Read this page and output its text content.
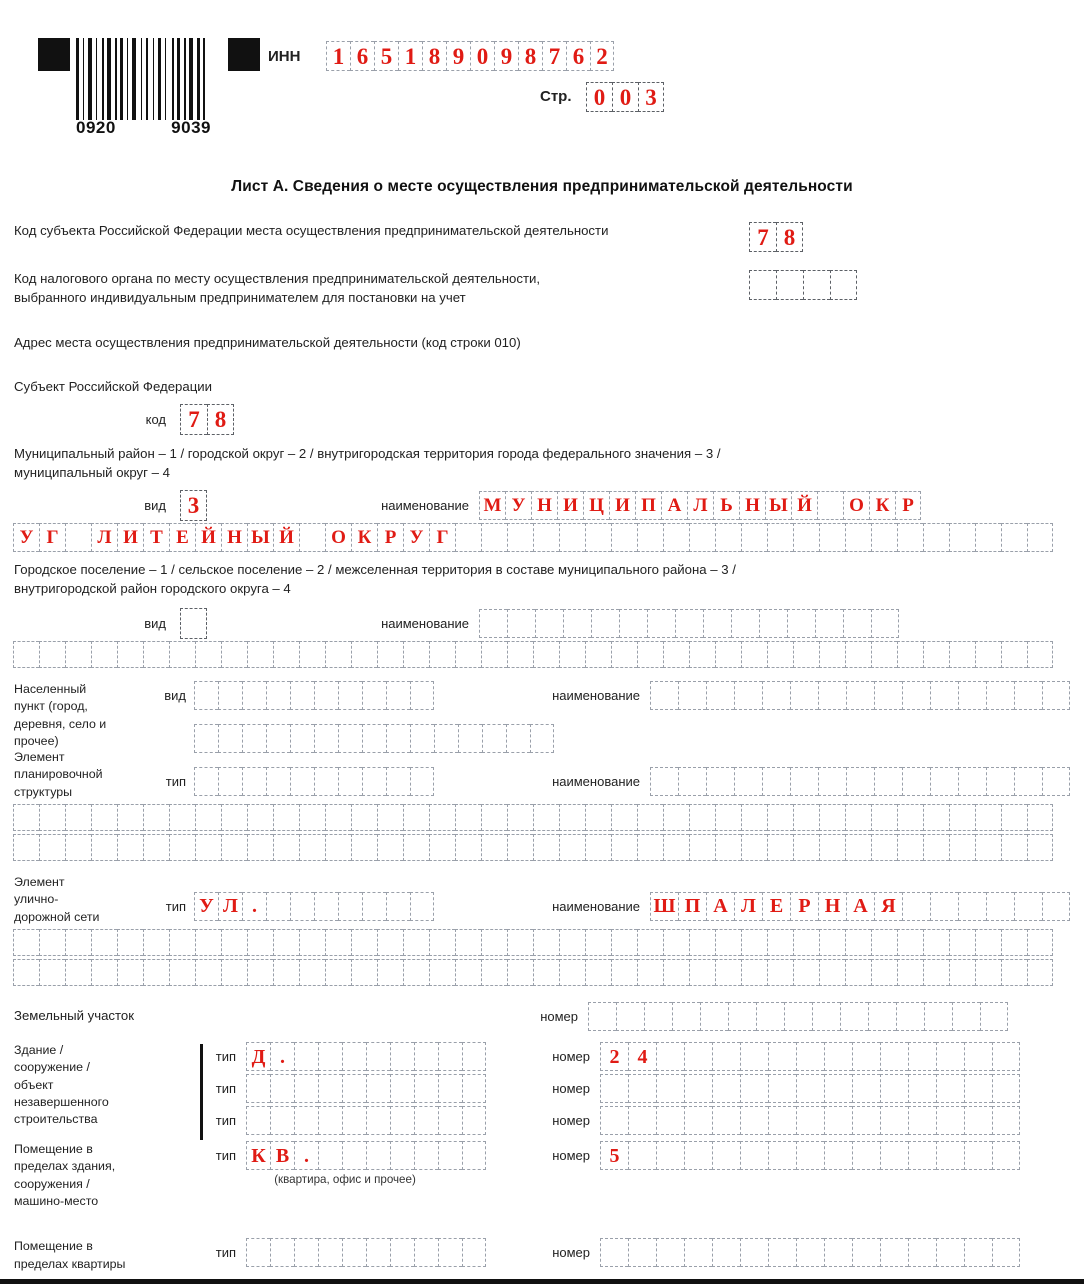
0920	9039
ИНН 1 6 5 1 8 9 0 9 8 7 6 2
Стр. 0 0 3
Лист А. Сведения о месте осуществления предпринимательской деятельности
Код субъекта Российской Федерации места осуществления предпринимательской деятельности	7 8
Код налогового органа по месту осуществления предпринимательской деятельности,
выбранного индивидуальным предпринимателем для постановки на учет
Адрес места осуществления предпринимательской деятельности (код строки 010)
Субъект Российской Федерации
код 7 8
Муниципальный район – 1 / городской округ – 2 / внутригородская территория города федерального значения – 3 /
муниципальный округ – 4
вид 3	наименование М У Н И Ц И П А Л Ь Н Ы Й	О К Р
У Г	Л И Т Е Й Н Ы Й	О К Р У Г
Городское поселение – 1 / сельское поселение – 2 / межселенная территория в составе муниципального района – 3 /
внутригородской район городского округа – 4
вид	наименование
Населенный
пункт (город,
деревня, село и
прочее)
вид	наименование
Элемент
планировочной
структуры
тип	наименование
Элемент
улично-
дорожной сети
тип У Л .	наименование Ш П А Л Е Р Н А Я
Земельный участок	номер
Здание /
сооружение /
объект
незавершенного
строительства
тип Д .	номер 2 4
тип	номер
тип	номер
Помещение в
пределах здания,
сооружения /
машино-место
тип К В .	номер 5
(квартира, офис и прочее)
Помещение в
пределах квартиры
тип	номер
